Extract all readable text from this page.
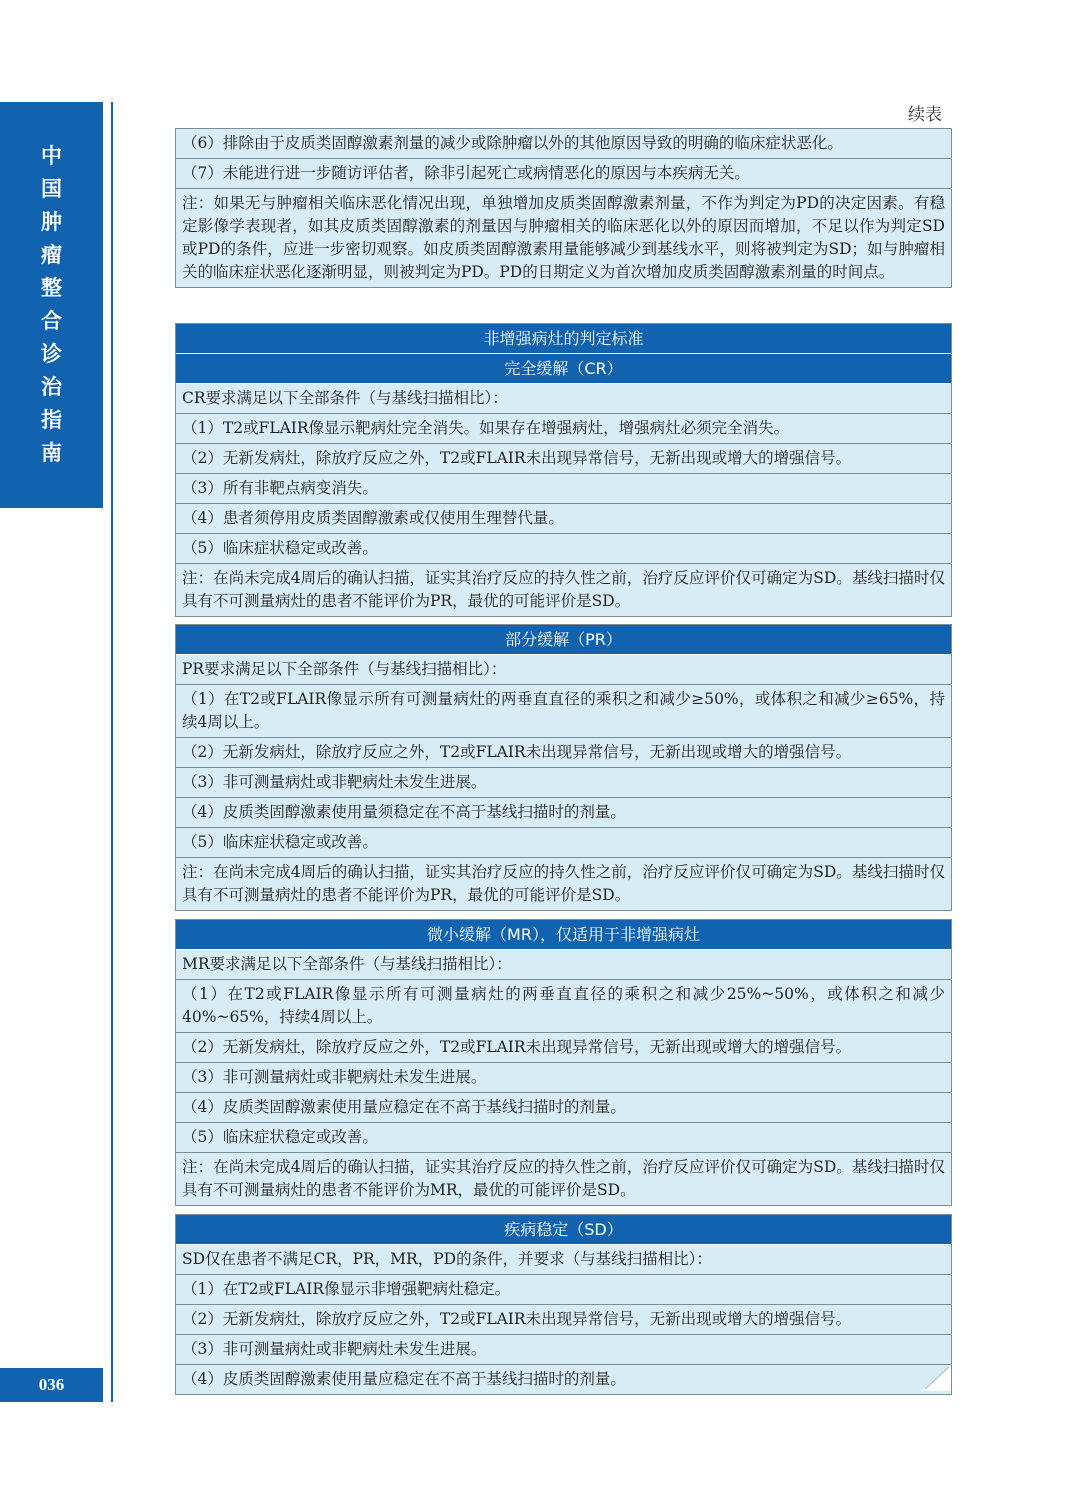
中
国
肿
瘤
整
合
诊
治
指
南
036
续表
（6）排除由于皮质类固醇激素剂量的减少或除肿瘤以外的其他原因导致的明确的临床症状恶化。
（7）未能进行进一步随访评估者，除非引起死亡或病情恶化的原因与本疾病无关。
注：如果无与肿瘤相关临床恶化情况出现，单独增加皮质类固醇激素剂量，不作为判定为PD的决定因素。有稳定影像学表现者，如其皮质类固醇激素的剂量因与肿瘤相关的临床恶化以外的原因而增加，不足以作为判定SD或PD的条件，应进一步密切观察。如皮质类固醇激素用量能够减少到基线水平，则将被判定为SD；如与肿瘤相关的临床症状恶化逐渐明显，则被判定为PD。PD的日期定义为首次增加皮质类固醇激素剂量的时间点。
非增强病灶的判定标准
完全缓解（CR）
CR要求满足以下全部条件（与基线扫描相比）：
（1）T2或FLAIR像显示靶病灶完全消失。如果存在增强病灶，增强病灶必须完全消失。
（2）无新发病灶，除放疗反应之外，T2或FLAIR未出现异常信号，无新出现或增大的增强信号。
（3）所有非靶点病变消失。
（4）患者须停用皮质类固醇激素或仅使用生理替代量。
（5）临床症状稳定或改善。
注：在尚未完成4周后的确认扫描，证实其治疗反应的持久性之前，治疗反应评价仅可确定为SD。基线扫描时仅具有不可测量病灶的患者不能评价为PR，最优的可能评价是SD。
部分缓解（PR）
PR要求满足以下全部条件（与基线扫描相比）：
（1）在T2或FLAIR像显示所有可测量病灶的两垂直直径的乘积之和减少≥50%，或体积之和减少≥65%，持续4周以上。
（2）无新发病灶，除放疗反应之外，T2或FLAIR未出现异常信号，无新出现或增大的增强信号。
（3）非可测量病灶或非靶病灶未发生进展。
（4）皮质类固醇激素使用量须稳定在不高于基线扫描时的剂量。
（5）临床症状稳定或改善。
注：在尚未完成4周后的确认扫描，证实其治疗反应的持久性之前，治疗反应评价仅可确定为SD。基线扫描时仅具有不可测量病灶的患者不能评价为PR，最优的可能评价是SD。
微小缓解（MR），仅适用于非增强病灶
MR要求满足以下全部条件（与基线扫描相比）：
（1）在T2或FLAIR像显示所有可测量病灶的两垂直直径的乘积之和减少25%~50%，或体积之和减少40%~65%，持续4周以上。
（2）无新发病灶，除放疗反应之外，T2或FLAIR未出现异常信号，无新出现或增大的增强信号。
（3）非可测量病灶或非靶病灶未发生进展。
（4）皮质类固醇激素使用量应稳定在不高于基线扫描时的剂量。
（5）临床症状稳定或改善。
注：在尚未完成4周后的确认扫描，证实其治疗反应的持久性之前，治疗反应评价仅可确定为SD。基线扫描时仅具有不可测量病灶的患者不能评价为MR，最优的可能评价是SD。
疾病稳定（SD）
SD仅在患者不满足CR，PR，MR，PD的条件，并要求（与基线扫描相比）：
（1）在T2或FLAIR像显示非增强靶病灶稳定。
（2）无新发病灶，除放疗反应之外，T2或FLAIR未出现异常信号，无新出现或增大的增强信号。
（3）非可测量病灶或非靶病灶未发生进展。
（4）皮质类固醇激素使用量应稳定在不高于基线扫描时的剂量。
